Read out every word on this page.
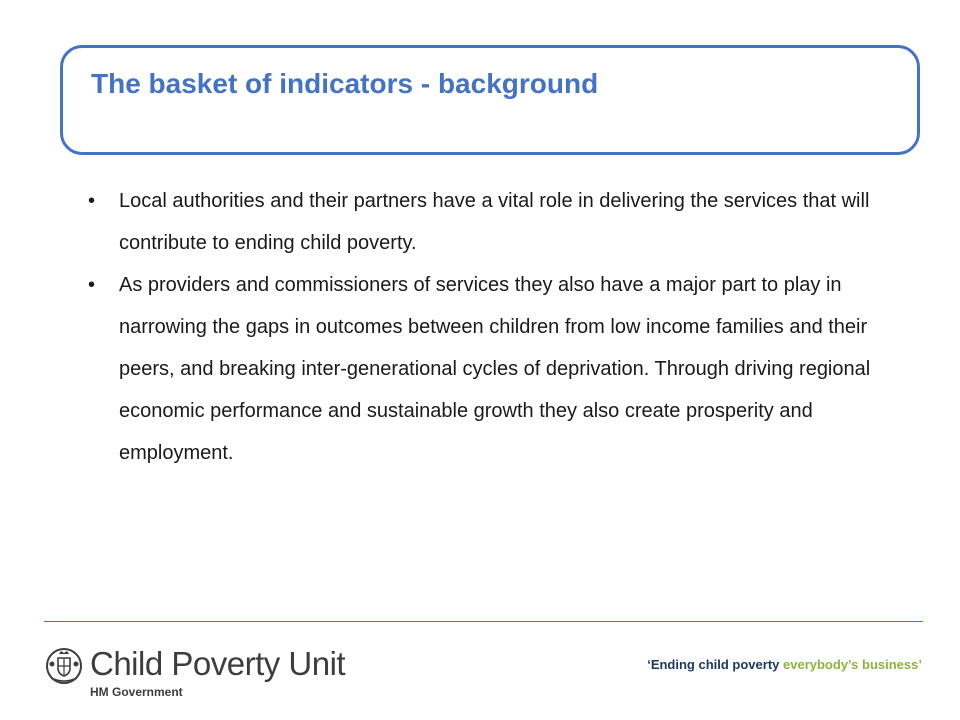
The basket of indicators - background
•	Local authorities and their partners have a vital role in delivering the services that will contribute to ending child poverty.
•	As providers and commissioners of services they also have a major part to play in narrowing the gaps in outcomes between children from low income families and their peers, and breaking inter-generational cycles of deprivation. Through driving regional economic performance and sustainable growth they also create prosperity and employment.
Child Poverty Unit
HM Government
‘Ending child poverty everybody’s business’
